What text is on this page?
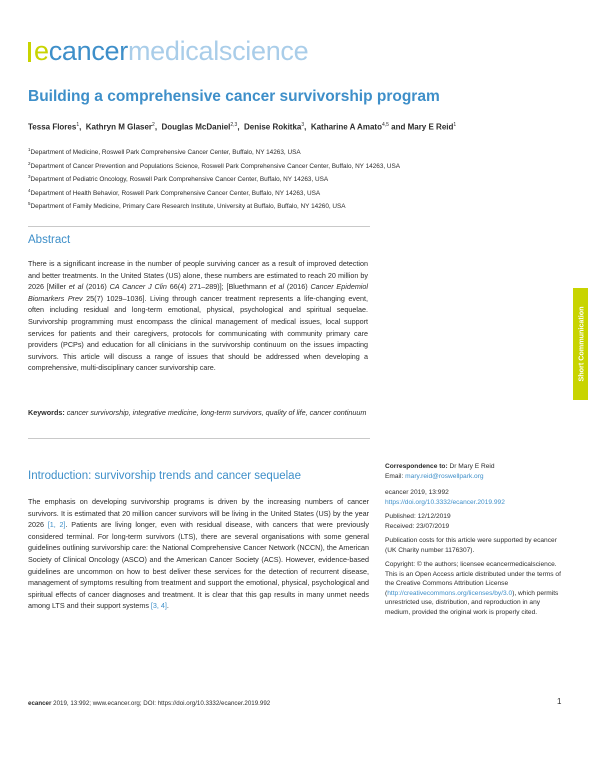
ecancermedicalscience
Building a comprehensive cancer survivorship program
Tessa Flores$^1$,  Kathryn M Glaser$^2$,  Douglas McDaniel$^{2,3}$,  Denise Rokitka$^3$,  Katharine A Amato$^{4,5}$ and Mary E Reid$^1$
$^1$Department of Medicine, Roswell Park Comprehensive Cancer Center, Buffalo, NY 14263, USA
$^2$Department of Cancer Prevention and Populations Science, Roswell Park Comprehensive Cancer Center, Buffalo, NY 14263, USA
$^3$Department of Pediatric Oncology, Roswell Park Comprehensive Cancer Center, Buffalo, NY 14263, USA
$^4$Department of Health Behavior, Roswell Park Comprehensive Cancer Center, Buffalo, NY 14263, USA
$^5$Department of Family Medicine, Primary Care Research Institute, University at Buffalo, Buffalo, NY 14260, USA
Abstract
There is a significant increase in the number of people surviving cancer as a result of improved detection and better treatments. In the United States (US) alone, these numbers are estimated to reach 20 million by 2026 [Miller et al (2016) CA Cancer J Clin 66(4) 271–289)]; [Bluethmann et al (2016) Cancer Epidemiol Biomarkers Prev 25(7) 1029–1036]. Living through cancer treatment represents a life-changing event, often including residual and long-term emotional, physical, psychological and spiritual sequelae. Survivorship programming must encompass the clinical management of medical issues, local support services for patients and their caregivers, protocols for communicating with community primary care providers (PCPs) and education for all clinicians in the survivorship continuum on the issues impacting survivors. This article will discuss a range of issues that should be addressed when developing a comprehensive, multi-disciplinary cancer survivorship care.
Keywords: cancer survivorship, integrative medicine, long-term survivors, quality of life, cancer continuum
Introduction: survivorship trends and cancer sequelae
The emphasis on developing survivorship programs is driven by the increasing numbers of cancer survivors. It is estimated that 20 million cancer survivors will be living in the United States (US) by the year 2026 [1, 2]. Patients are living longer, even with residual disease, with cancers that were previously considered terminal. For long-term survivors (LTS), there are several organisations with some general guidelines outlining survivorship care: the National Comprehensive Cancer Network (NCCN), the American Society of Clinical Oncology (ASCO) and the American Cancer Society (ACS). However, evidence-based guidelines are uncommon on how to best deliver these services for the detection of recurrent disease, management of symptoms resulting from treatment and support the emotional, physical, psychological and spiritual effects of cancer diagnoses and treatment. It is clear that this gap results in many unmet needs among LTS and their support systems [3, 4].
Correspondence to: Dr Mary E Reid
Email: mary.reid@roswellpark.org
ecancer 2019, 13:992
https://doi.org/10.3332/ecancer.2019.992
Published: 12/12/2019
Received: 23/07/2019
Publication costs for this article were supported by ecancer (UK Charity number 1176307).
Copyright: © the authors; licensee ecancermedicalscience. This is an Open Access article distributed under the terms of the Creative Commons Attribution License (http://creativecommons.org/licenses/by/3.0), which permits unrestricted use, distribution, and reproduction in any medium, provided the original work is properly cited.
Short Communication
ecancer 2019, 13:992; www.ecancer.org; DOI: https://doi.org/10.3332/ecancer.2019.992	1
